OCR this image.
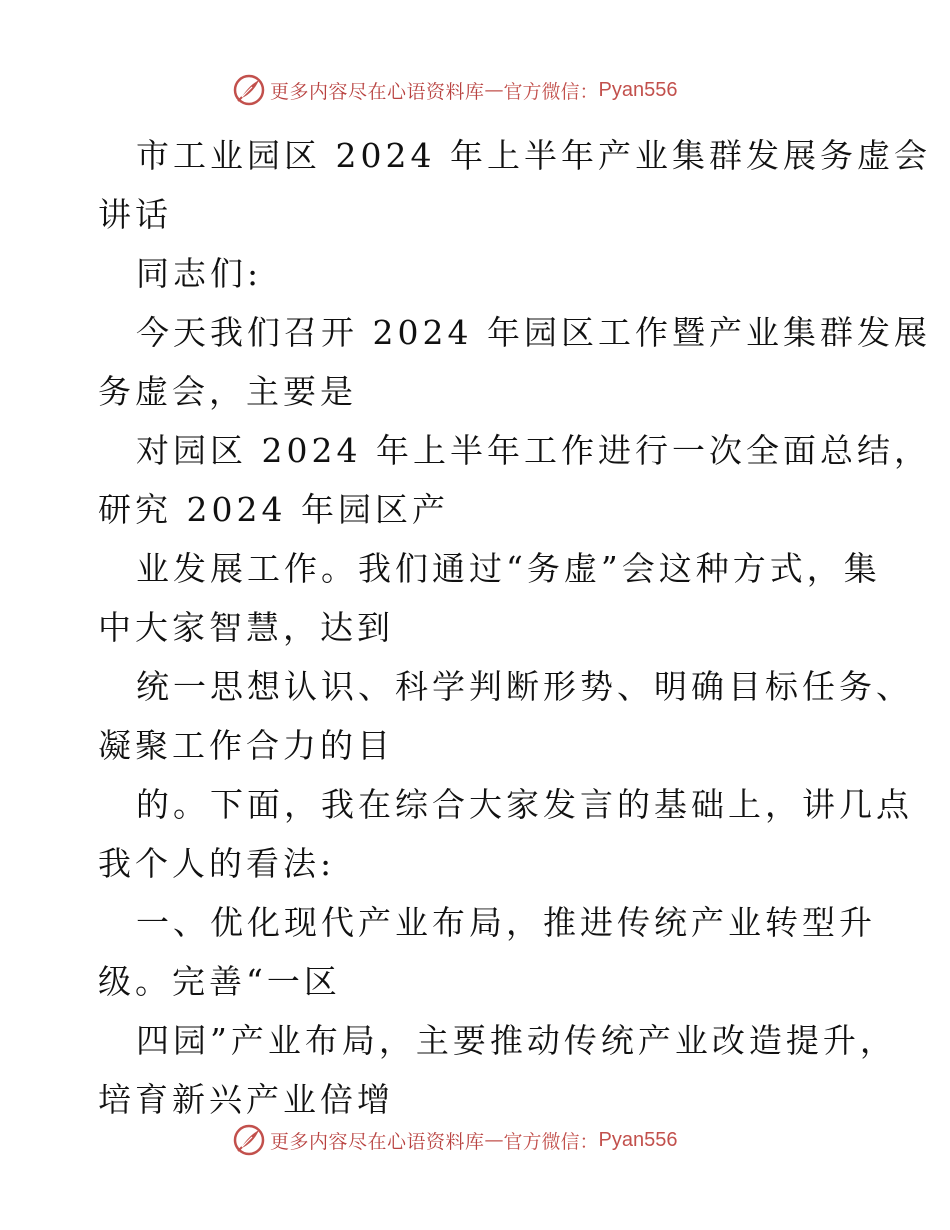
更多内容尽在心语资料库 — 官方微信： Pyan556
市工业园区 2024 年上半年产业集群发展务虚会
讲话
同志们:
今天我们召开 2024 年园区工作暨产业集群发展
务虚会，主要是
对园区 2024 年上半年工作进行一次全面总结，
研究 2024 年园区产
业发展工作。我们通过“务虚”会这种方式，集
中大家智慧，达到
统一思想认识、科学判断形势、明确目标任务、
凝聚工作合力的目
的。下面，我在综合大家发言的基础上，讲几点
我个人的看法:
一、优化现代产业布局，推进传统产业转型升
级。完善“一区
四园”产业布局，主要推动传统产业改造提升，
培育新兴产业倍增
更多内容尽在心语资料库 — 官方微信： Pyan556
